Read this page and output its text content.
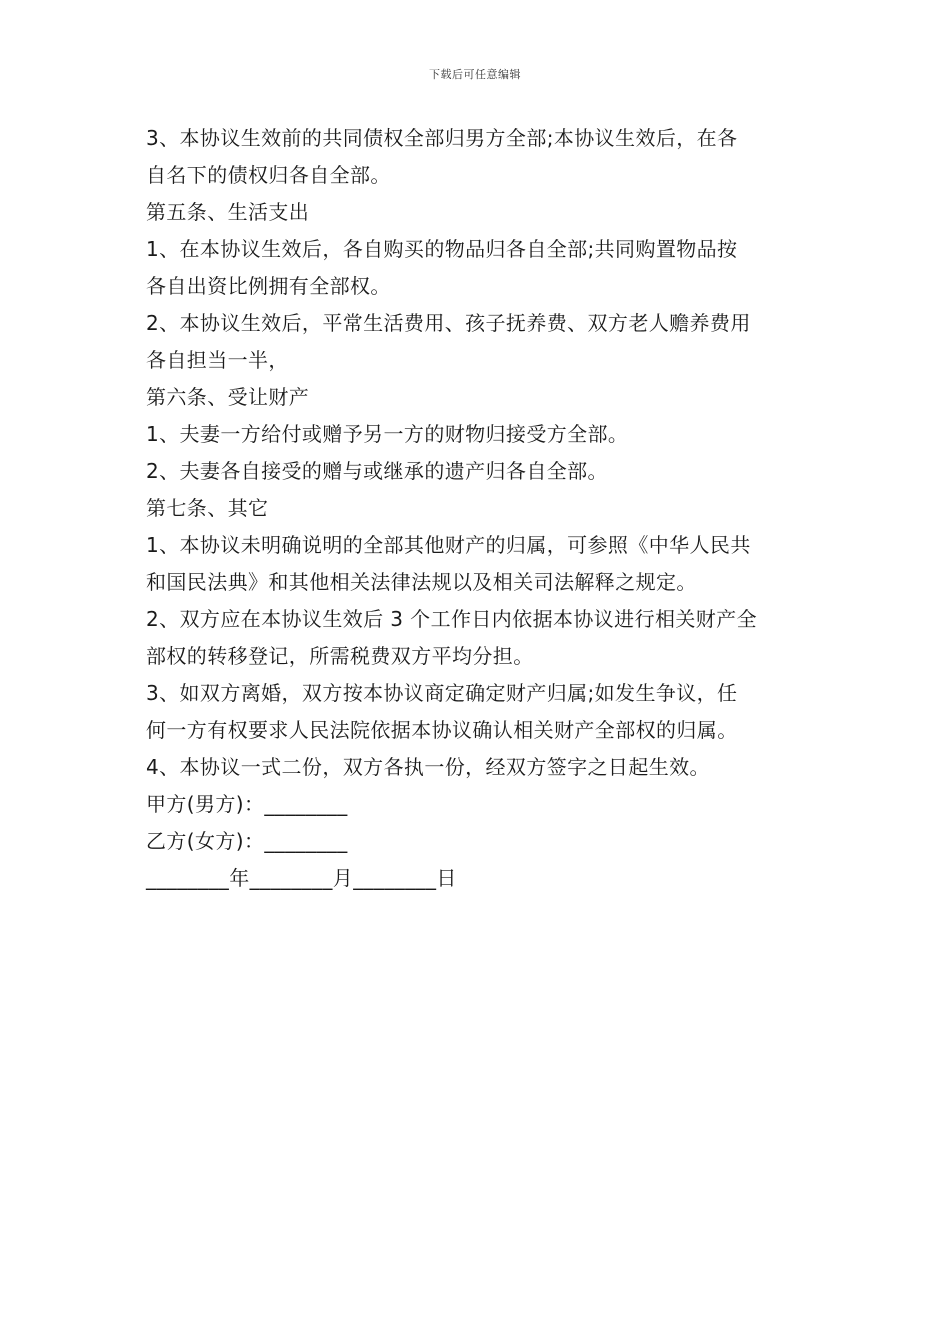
下载后可任意编辑
3、本协议生效前的共同债权全部归男方全部;本协议生效后，在各
自名下的债权归各自全部。
第五条、生活支出
1、在本协议生效后，各自购买的物品归各自全部;共同购置物品按
各自出资比例拥有全部权。
2、本协议生效后，平常生活费用、孩子抚养费、双方老人赡养费用
各自担当一半，
第六条、受让财产
1、夫妻一方给付或赠予另一方的财物归接受方全部。
2、夫妻各自接受的赠与或继承的遗产归各自全部。
第七条、其它
1、本协议未明确说明的全部其他财产的归属，可参照《中华人民共
和国民法典》和其他相关法律法规以及相关司法解释之规定。
2、双方应在本协议生效后 3 个工作日内依据本协议进行相关财产全
部权的转移登记，所需税费双方平均分担。
3、如双方离婚，双方按本协议商定确定财产归属;如发生争议，任
何一方有权要求人民法院依据本协议确认相关财产全部权的归属。
4、本协议一式二份，双方各执一份，经双方签字之日起生效。
甲方(男方)：________
乙方(女方)：________
________年________月________日
